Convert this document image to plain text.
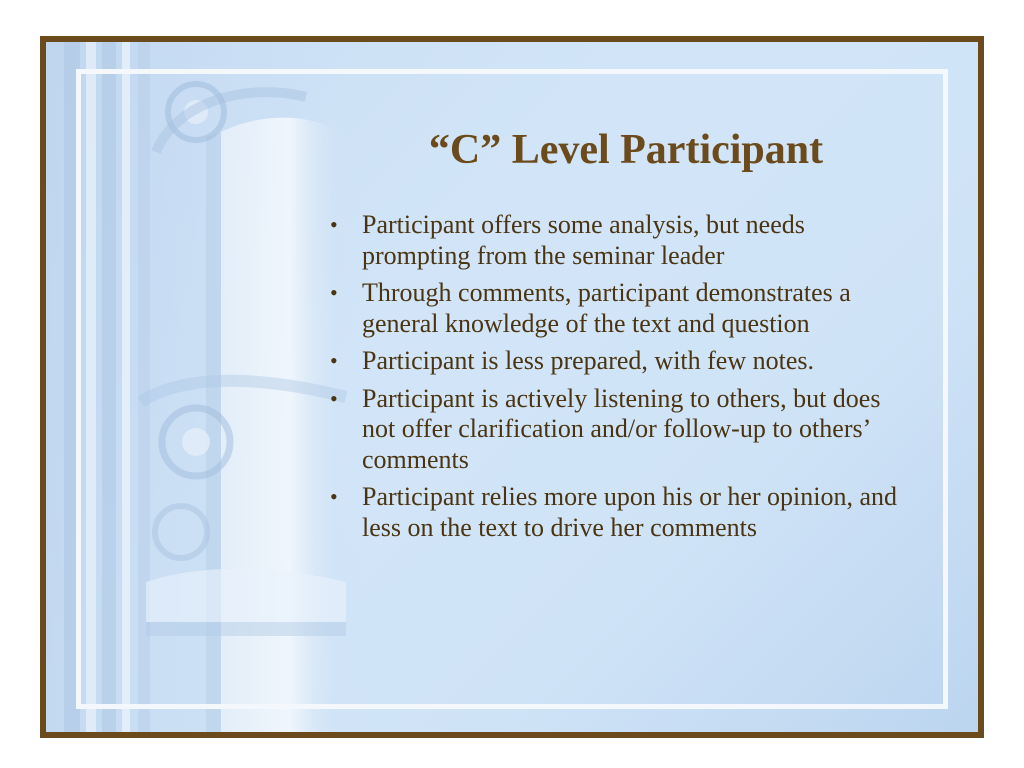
“C” Level Participant
• Participant offers some analysis, but needs prompting from the seminar leader
• Through comments, participant demonstrates a general knowledge of the text and question
• Participant is less prepared, with few notes.
• Participant is actively listening to others, but does not offer clarification and/or follow-up to others’ comments
• Participant relies more upon his or her opinion, and less on the text to drive her comments
